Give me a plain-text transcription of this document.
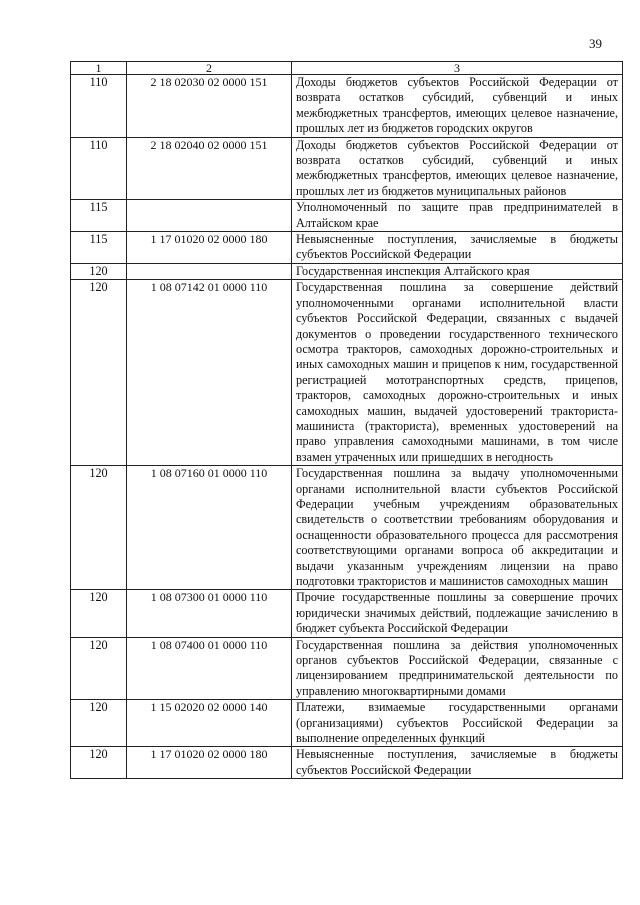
39
1	2	3
110	2 18 02030 02 0000 151	Доходы бюджетов субъектов Российской Федерации от возврата остатков субсидий, субвенций и иных межбюджетных трансфертов, имеющих целевое назначение, прошлых лет из бюджетов городских округов
110	2 18 02040 02 0000 151	Доходы бюджетов субъектов Российской Федерации от возврата остатков субсидий, субвенций и иных межбюджетных трансфертов, имеющих целевое назначение, прошлых лет из бюджетов муниципальных районов
115		Уполномоченный по защите прав предпринимателей в Алтайском крае
115	1 17 01020 02 0000 180	Невыясненные поступления, зачисляемые в бюджеты субъектов Российской Федерации
120		Государственная инспекция Алтайского края
120	1 08 07142 01 0000 110	Государственная пошлина за совершение действий уполномоченными органами исполнительной власти субъектов Российской Федерации, связанных с выдачей документов о проведении государственного технического осмотра тракторов, самоходных дорожно-строительных и иных самоходных машин и прицепов к ним, государственной регистрацией мототранспортных средств, прицепов, тракторов, самоходных дорожно-строительных и иных самоходных машин, выдачей удостоверений тракториста-машиниста (тракториста), временных удостоверений на право управления самоходными машинами, в том числе взамен утраченных или пришедших в негодность
120	1 08 07160 01 0000 110	Государственная пошлина за выдачу уполномоченными органами исполнительной власти субъектов Российской Федерации учебным учреждениям образовательных свидетельств о соответствии требованиям оборудования и оснащенности образовательного процесса для рассмотрения соответствующими органами вопроса об аккредитации и выдачи указанным учреждениям лицензии на право подготовки трактористов и машинистов самоходных машин
120	1 08 07300 01 0000 110	Прочие государственные пошлины за совершение прочих юридически значимых действий, подлежащие зачислению в бюджет субъекта Российской Федерации
120	1 08 07400 01 0000 110	Государственная пошлина за действия уполномоченных органов субъектов Российской Федерации, связанные с лицензированием предпринимательской деятельности по управлению многоквартирными домами
120	1 15 02020 02 0000 140	Платежи, взимаемые государственными органами (организациями) субъектов Российской Федерации за выполнение определенных функций
120	1 17 01020 02 0000 180	Невыясненные поступления, зачисляемые в бюджеты субъектов Российской Федерации
